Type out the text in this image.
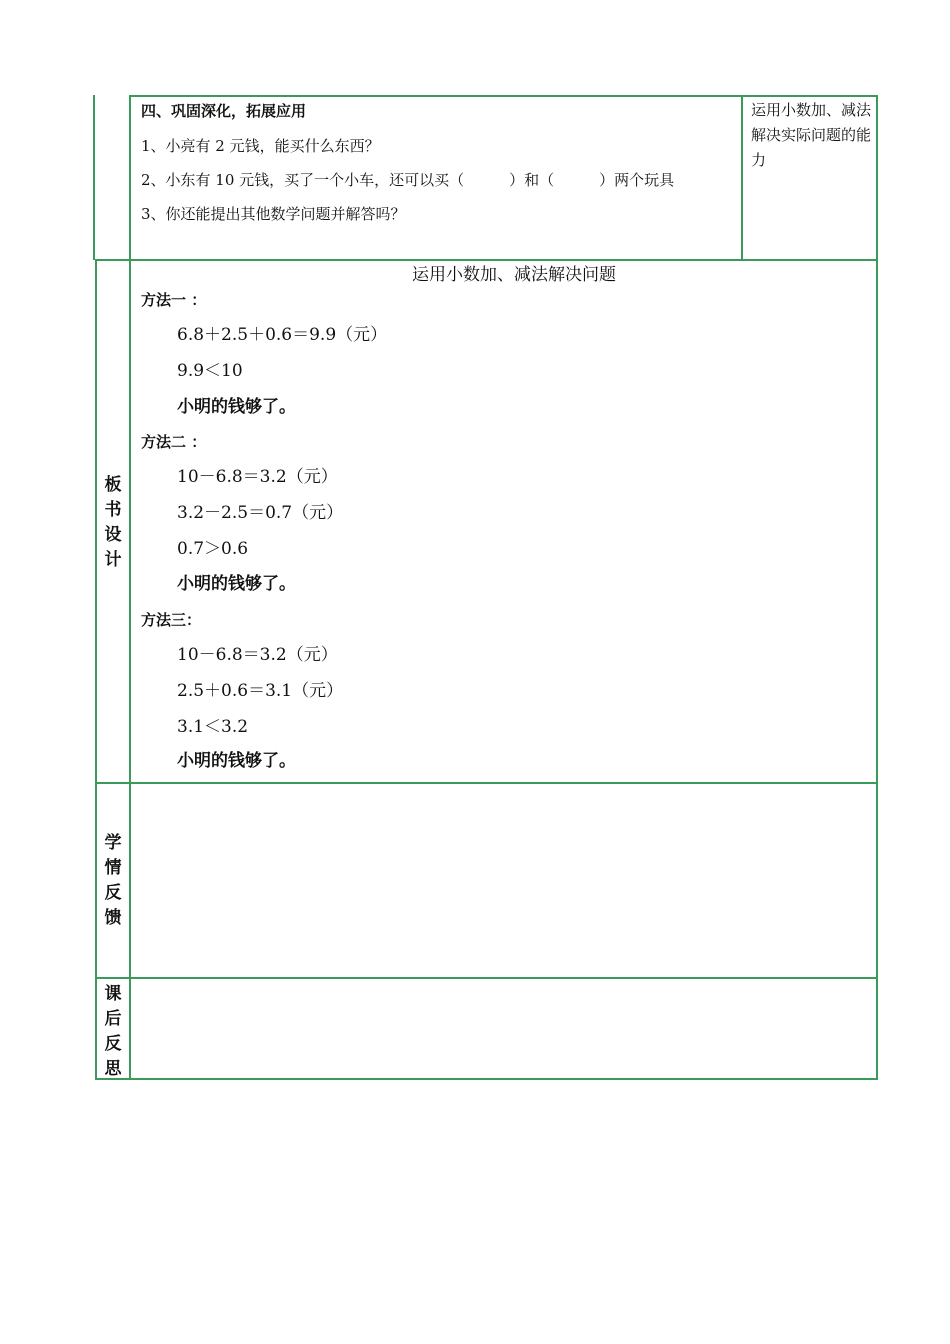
四、巩固深化，拓展应用
1、小亮有 2 元钱，能买什么东西？
2、小东有 10 元钱，买了一个小车，还可以买（　　　）和（　　　）两个玩具
3、你还能提出其他数学问题并解答吗？
运用小数加、减法解决实际问题的能力
板
书
设
计
运用小数加、减法解决问题
方法一 ：
6.8＋2.5＋0.6＝9.9（元）
9.9＜10
小明的钱够了。
方法二 ：
10－6.8＝3.2（元）
3.2－2.5＝0.7（元）
0.7＞0.6
小明的钱够了。
方法三：
10－6.8＝3.2（元）
2.5＋0.6＝3.1（元）
3.1＜3.2
小明的钱够了。
学
情
反
馈
课
后
反
思
